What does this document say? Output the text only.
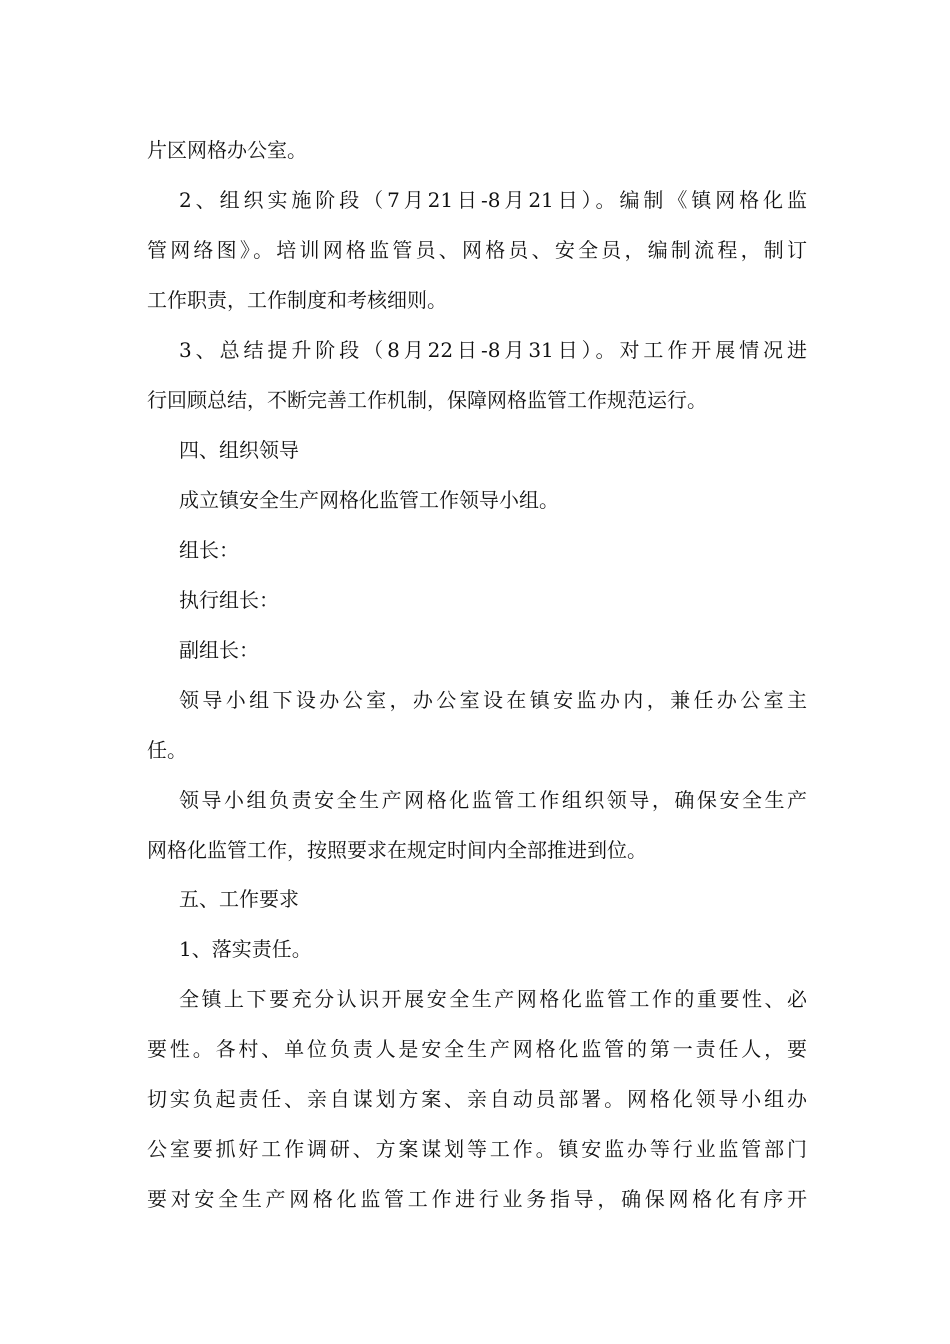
片区网格办公室。
2、组织实施阶段（7月21日-8月21日）。编制《镇网格化监
管网络图》。培训网格监管员、网格员、安全员，编制流程，制订
工作职责，工作制度和考核细则。
3、总结提升阶段（8月22日-8月31日）。对工作开展情况进
行回顾总结，不断完善工作机制，保障网格监管工作规范运行。
四、组织领导
成立镇安全生产网格化监管工作领导小组。
组长：
执行组长：
副组长：
领导小组下设办公室，办公室设在镇安监办内，兼任办公室主
任。
领导小组负责安全生产网格化监管工作组织领导，确保安全生产
网格化监管工作，按照要求在规定时间内全部推进到位。
五、工作要求
1、落实责任。
全镇上下要充分认识开展安全生产网格化监管工作的重要性、必
要性。各村、单位负责人是安全生产网格化监管的第一责任人，要
切实负起责任、亲自谋划方案、亲自动员部署。网格化领导小组办
公室要抓好工作调研、方案谋划等工作。镇安监办等行业监管部门
要对安全生产网格化监管工作进行业务指导，确保网格化有序开
